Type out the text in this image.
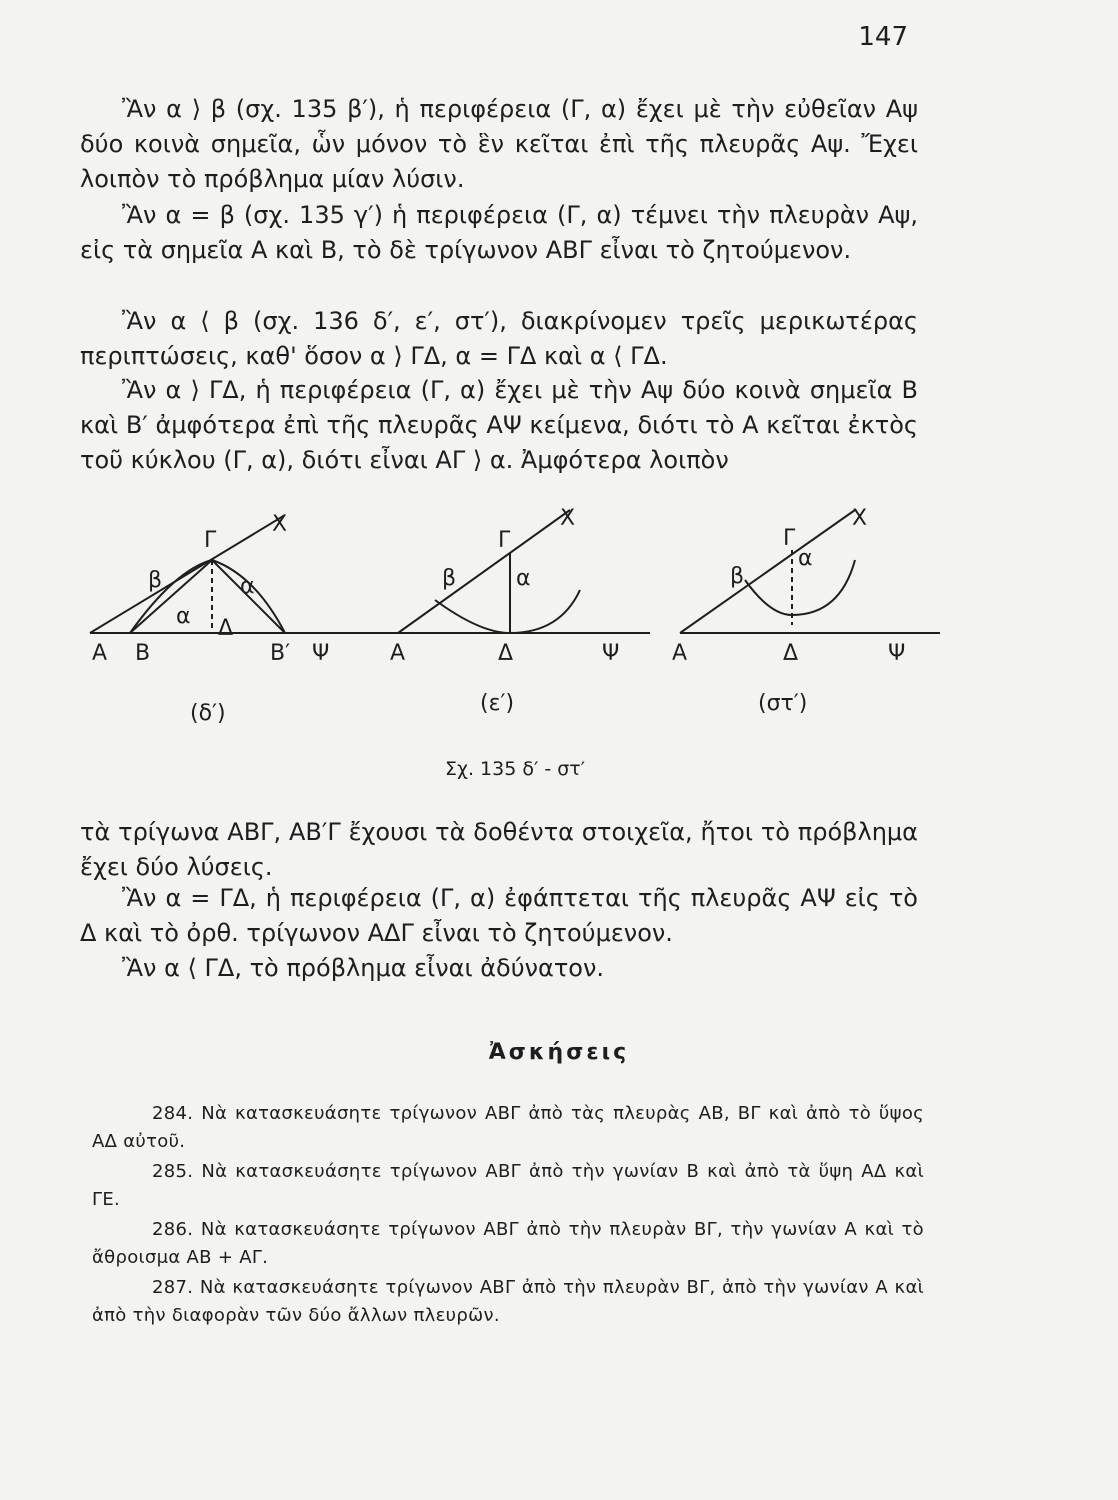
147

Ἂν α ⟩ β (σχ. 135 β′), ἡ περιφέρεια (Γ, α) ἔχει μὲ τὴν εὐθεῖαν Αψ δύο κοινὰ σημεῖα, ὧν μόνον τὸ ἓν κεῖται ἐπὶ τῆς πλευρᾶς Αψ. Ἔχει λοιπὸν τὸ πρόβλημα μίαν λύσιν.

Ἂν α = β (σχ. 135 γ′) ἡ περιφέρεια (Γ, α) τέμνει τὴν πλευρὰν Αψ, εἰς τὰ σημεῖα Α καὶ Β, τὸ δὲ τρίγωνον ΑΒΓ εἶναι τὸ ζητούμενον.

Ἂν α ⟨ β (σχ. 136 δ′, ε′, στ′), διακρίνομεν τρεῖς μερικωτέρας περιπτώσεις, καθ' ὅσον α ⟩ ΓΔ, α = ΓΔ καὶ α ⟨ ΓΔ.

Ἂν α ⟩ ΓΔ, ἡ περιφέρεια (Γ, α) ἔχει μὲ τὴν Αψ δύο κοινὰ σημεῖα Β καὶ Β′ ἀμφότερα ἐπὶ τῆς πλευρᾶς ΑΨ κείμενα, διότι τὸ Α κεῖται ἐκτὸς τοῦ κύκλου (Γ, α), διότι εἶναι ΑΓ ⟩ α. Ἀμφότερα λοιπὸν

Α Β
Γ
Δ
Β′ Ψ
Χ
β
α
α
Α
Γ
Δ	Ψ
Χ
β	α
Α
Γ
Δ	Ψ
Χ
β
α
(δ′)	(ε′)	(στ′)
Σχ. 135 δ′ - στ′

τὰ τρίγωνα ΑΒΓ, ΑΒ′Γ ἔχουσι τὰ δοθέντα στοιχεῖα, ἤτοι τὸ πρόβλημα ἔχει δύο λύσεις.

Ἂν α = ΓΔ, ἡ περιφέρεια (Γ, α) ἐφάπτεται τῆς πλευρᾶς ΑΨ εἰς τὸ Δ καὶ τὸ ὀρθ. τρίγωνον ΑΔΓ εἶναι τὸ ζητούμενον.

Ἂν α ⟨ ΓΔ, τὸ πρόβλημα εἶναι ἀδύνατον.

Ἀσκήσεις

284. Νὰ κατασκευάσητε τρίγωνον ΑΒΓ ἀπὸ τὰς πλευρὰς ΑΒ, ΒΓ καὶ ἀπὸ τὸ ὕψος ΑΔ αὐτοῦ.

285. Νὰ κατασκευάσητε τρίγωνον ΑΒΓ ἀπὸ τὴν γωνίαν Β καὶ ἀπὸ τὰ ὕψη ΑΔ καὶ ΓΕ.

286. Νὰ κατασκευάσητε τρίγωνον ΑΒΓ ἀπὸ τὴν πλευρὰν ΒΓ, τὴν γωνίαν Α καὶ τὸ ἄθροισμα ΑΒ + ΑΓ.

287. Νὰ κατασκευάσητε τρίγωνον ΑΒΓ ἀπὸ τὴν πλευρὰν ΒΓ, ἀπὸ τὴν γωνίαν Α καὶ ἀπὸ τὴν διαφορὰν τῶν δύο ἄλλων πλευρῶν.
